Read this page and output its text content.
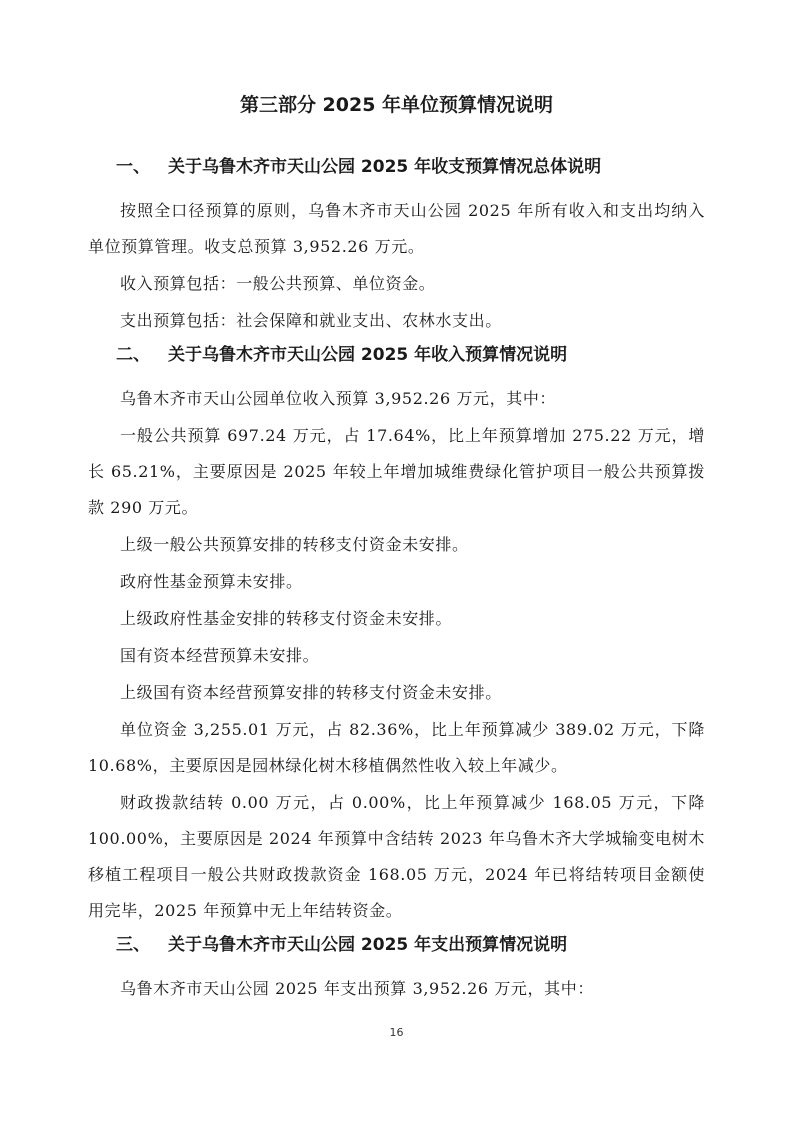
第三部分 2025 年单位预算情况说明
一、 关于乌鲁木齐市天山公园 2025 年收支预算情况总体说明
按照全口径预算的原则，乌鲁木齐市天山公园 2025 年所有收入和支出均纳入单位预算管理。收支总预算 3,952.26 万元。
收入预算包括：一般公共预算、单位资金。
支出预算包括：社会保障和就业支出、农林水支出。
二、 关于乌鲁木齐市天山公园 2025 年收入预算情况说明
乌鲁木齐市天山公园单位收入预算 3,952.26 万元，其中：
一般公共预算 697.24 万元，占 17.64%，比上年预算增加 275.22 万元，增长 65.21%，主要原因是 2025 年较上年增加城维费绿化管护项目一般公共预算拨款 290 万元。
上级一般公共预算安排的转移支付资金未安排。
政府性基金预算未安排。
上级政府性基金安排的转移支付资金未安排。
国有资本经营预算未安排。
上级国有资本经营预算安排的转移支付资金未安排。
单位资金 3,255.01 万元，占 82.36%，比上年预算减少 389.02 万元，下降 10.68%，主要原因是园林绿化树木移植偶然性收入较上年减少。
财政拨款结转 0.00 万元，占 0.00%，比上年预算减少 168.05 万元，下降 100.00%，主要原因是 2024 年预算中含结转 2023 年乌鲁木齐大学城输变电树木移植工程项目一般公共财政拨款资金 168.05 万元，2024 年已将结转项目金额使用完毕，2025 年预算中无上年结转资金。
三、 关于乌鲁木齐市天山公园 2025 年支出预算情况说明
乌鲁木齐市天山公园 2025 年支出预算 3,952.26 万元，其中：
16
